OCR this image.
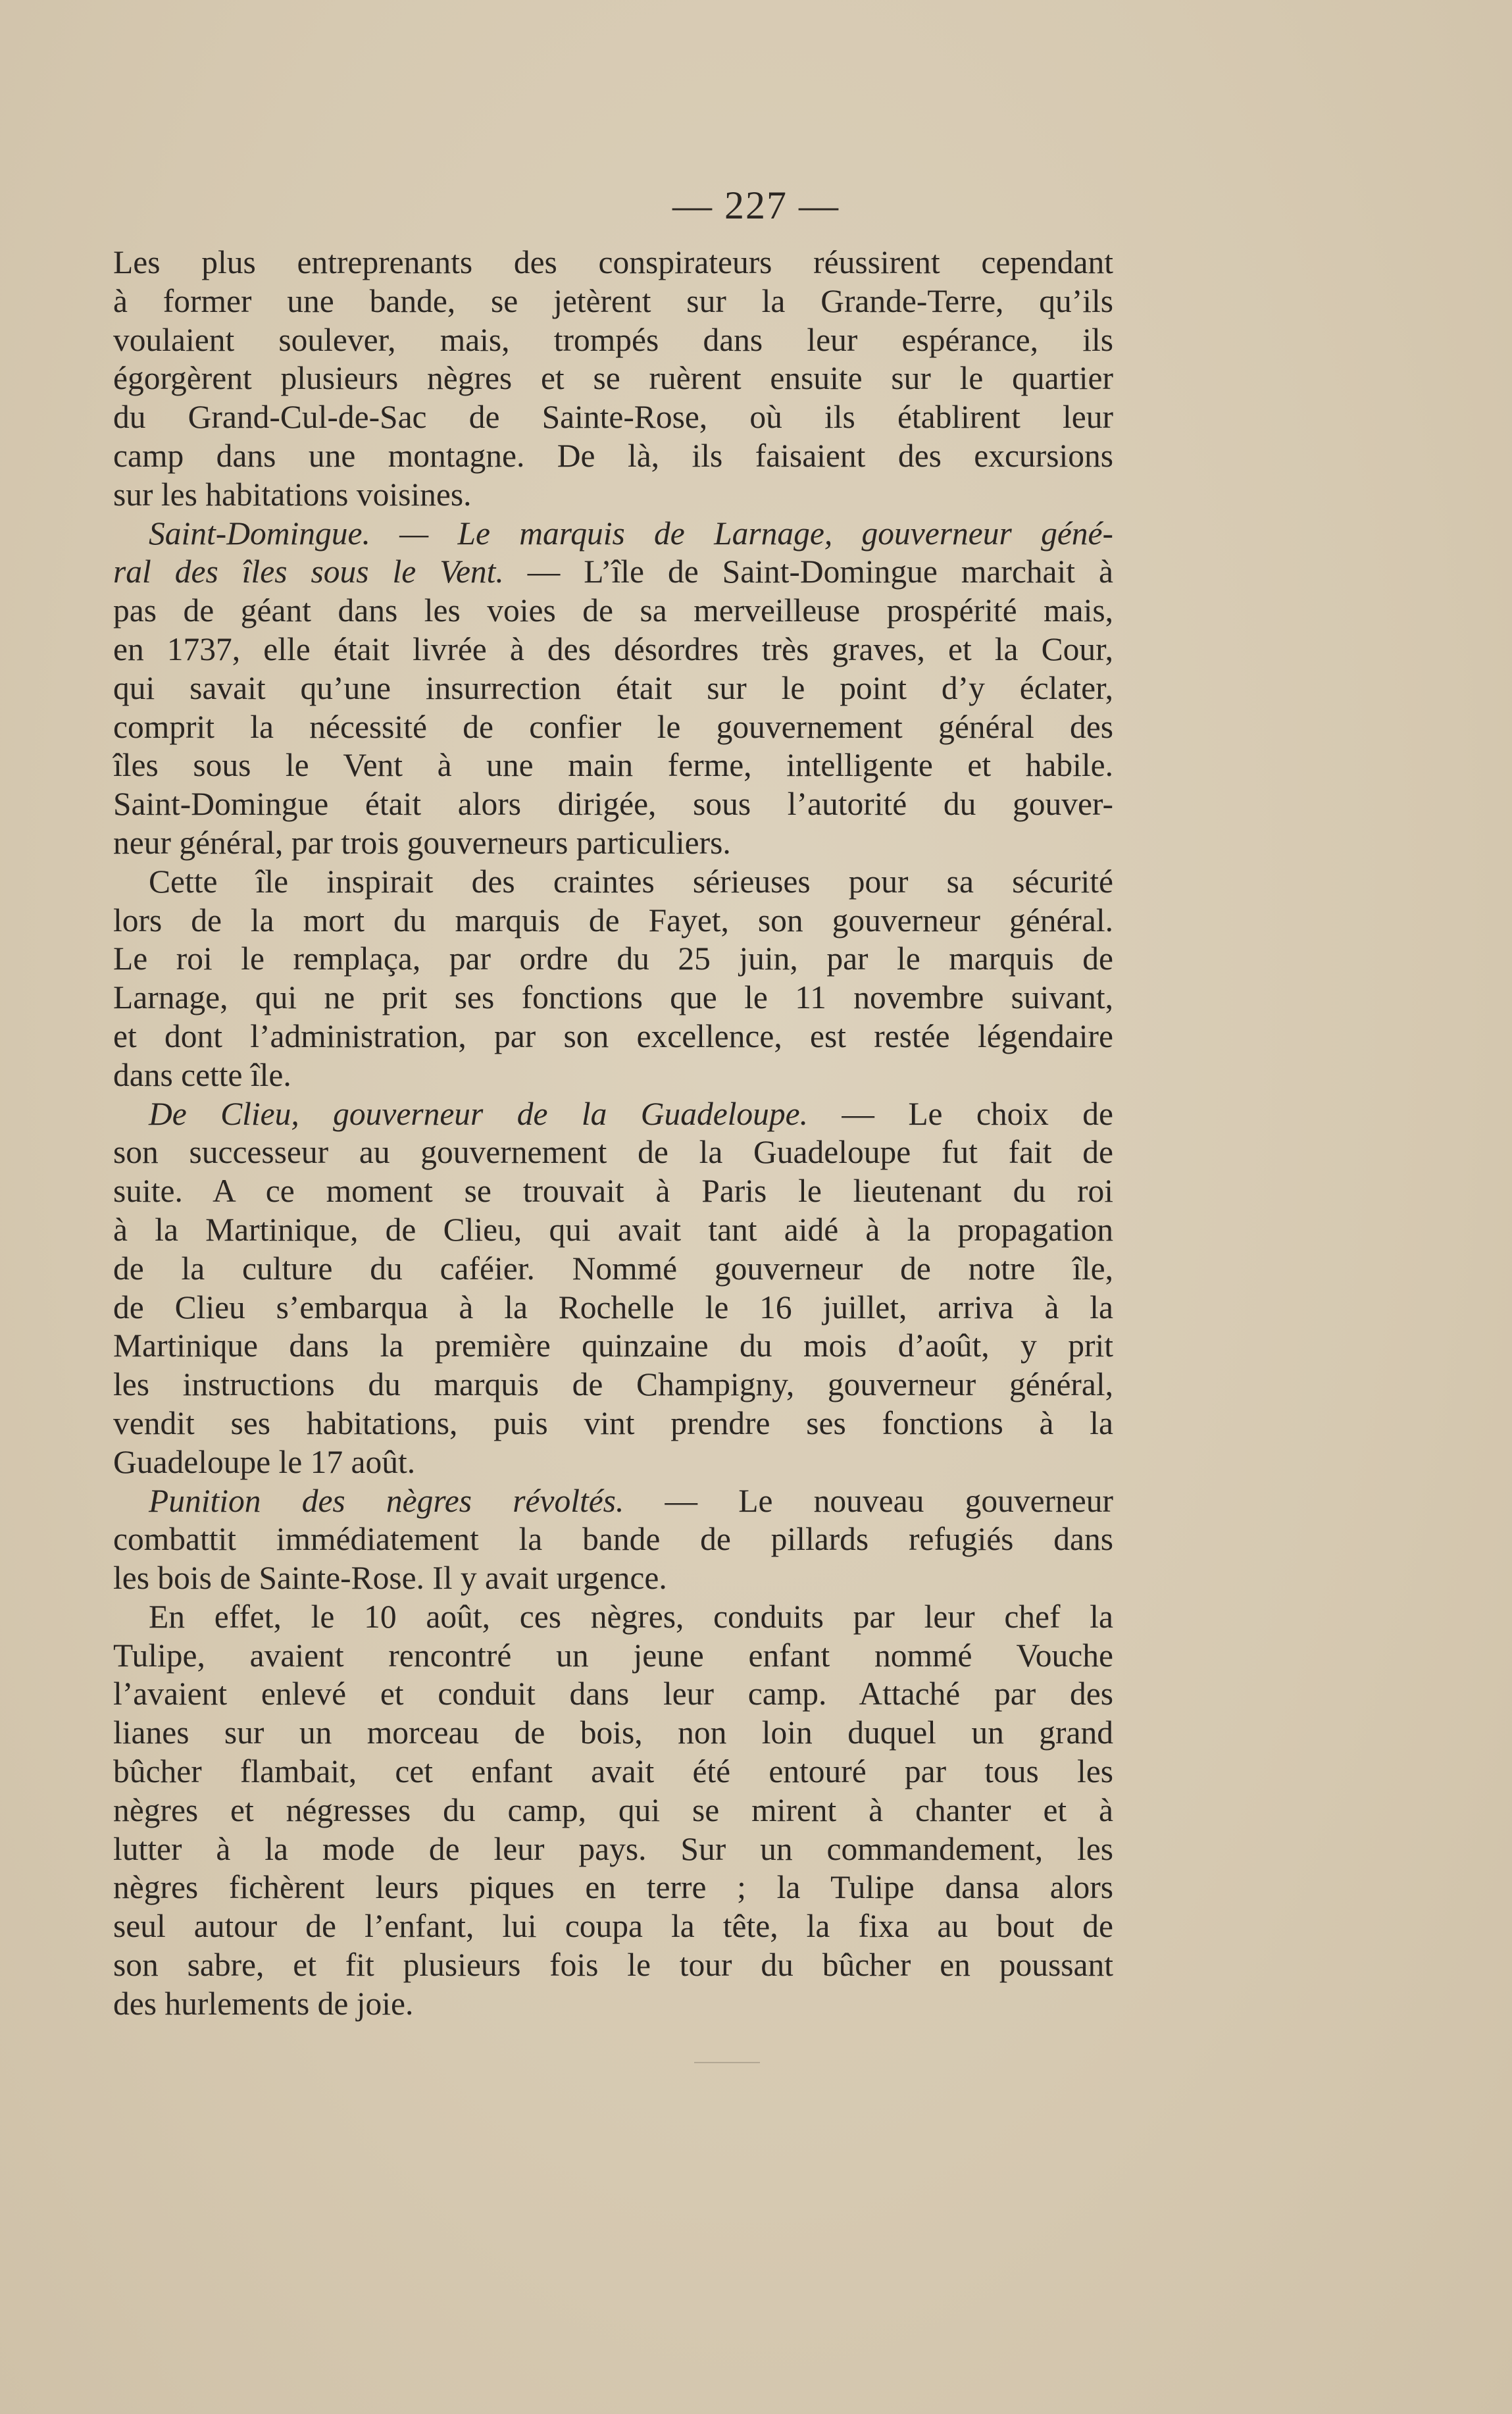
— 227 —
Les plus entreprenants des conspirateurs réussirent cependant
à former une bande, se jetèrent sur la Grande-Terre, qu’ils
voulaient soulever, mais, trompés dans leur espérance, ils
égorgèrent plusieurs nègres et se ruèrent ensuite sur le quartier
du Grand-Cul-de-Sac de Sainte-Rose, où ils établirent leur
camp dans une montagne. De là, ils faisaient des excursions
sur les habitations voisines.
Saint-Domingue. — Le marquis de Larnage, gouverneur géné-
ral des îles sous le Vent. — L’île de Saint-Domingue marchait à
pas de géant dans les voies de sa merveilleuse prospérité mais,
en 1737, elle était livrée à des désordres très graves, et la Cour,
qui savait qu’une insurrection était sur le point d’y éclater,
comprit la nécessité de confier le gouvernement général des
îles sous le Vent à une main ferme, intelligente et habile.
Saint-Domingue était alors dirigée, sous l’autorité du gouver-
neur général, par trois gouverneurs particuliers.
Cette île inspirait des craintes sérieuses pour sa sécurité
lors de la mort du marquis de Fayet, son gouverneur général.
Le roi le remplaça, par ordre du 25 juin, par le marquis de
Larnage, qui ne prit ses fonctions que le 11 novembre suivant,
et dont l’administration, par son excellence, est restée légendaire
dans cette île.
De Clieu, gouverneur de la Guadeloupe. — Le choix de
son successeur au gouvernement de la Guadeloupe fut fait de
suite. A ce moment se trouvait à Paris le lieutenant du roi
à la Martinique, de Clieu, qui avait tant aidé à la propagation
de la culture du caféier. Nommé gouverneur de notre île,
de Clieu s’embarqua à la Rochelle le 16 juillet, arriva à la
Martinique dans la première quinzaine du mois d’août, y prit
les instructions du marquis de Champigny, gouverneur général,
vendit ses habitations, puis vint prendre ses fonctions à la
Guadeloupe le 17 août.
Punition des nègres révoltés. — Le nouveau gouverneur
combattit immédiatement la bande de pillards refugiés dans
les bois de Sainte-Rose. Il y avait urgence.
En effet, le 10 août, ces nègres, conduits par leur chef la
Tulipe, avaient rencontré un jeune enfant nommé Vouche
l’avaient enlevé et conduit dans leur camp. Attaché par des
lianes sur un morceau de bois, non loin duquel un grand
bûcher flambait, cet enfant avait été entouré par tous les
nègres et négresses du camp, qui se mirent à chanter et à
lutter à la mode de leur pays. Sur un commandement, les
nègres fichèrent leurs piques en terre ; la Tulipe dansa alors
seul autour de l’enfant, lui coupa la tête, la fixa au bout de
son sabre, et fit plusieurs fois le tour du bûcher en poussant
des hurlements de joie.
